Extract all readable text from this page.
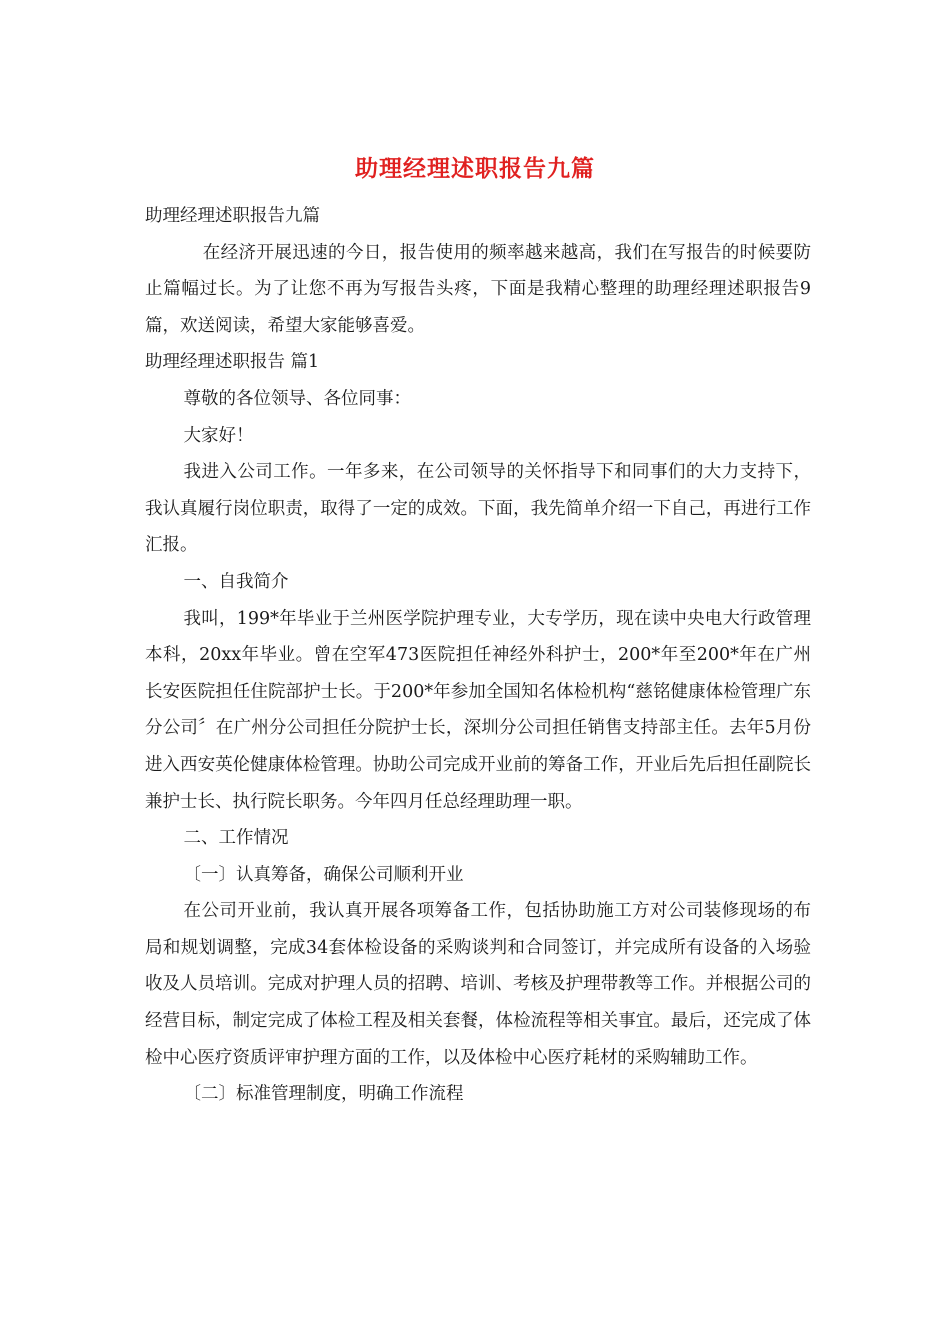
助理经理述职报告九篇

助理经理述职报告九篇

在经济开展迅速的今日，报告使用的频率越来越高，我们在写报告的时候要防止篇幅过长。为了让您不再为写报告头疼，下面是我精心整理的助理经理述职报告9篇，欢送阅读，希望大家能够喜爱。

助理经理述职报告 篇1

尊敬的各位领导、各位同事：

大家好！

我进入公司工作。一年多来，在公司领导的关怀指导下和同事们的大力支持下，我认真履行岗位职责，取得了一定的成效。下面，我先简单介绍一下自己，再进行工作汇报。

一、自我简介

我叫，199*年毕业于兰州医学院护理专业，大专学历，现在读中央电大行政管理本科，20xx年毕业。曾在空军473医院担任神经外科护士，200*年至200*年在广州长安医院担任住院部护士长。于200*年参加全国知名体检机构“慈铭健康体检管理广东分公司〞在广州分公司担任分院护士长，深圳分公司担任销售支持部主任。去年5月份进入西安英伦健康体检管理。协助公司完成开业前的筹备工作，开业后先后担任副院长兼护士长、执行院长职务。今年四月任总经理助理一职。

二、工作情况

〔一〕认真筹备，确保公司顺利开业

在公司开业前，我认真开展各项筹备工作，包括协助施工方对公司装修现场的布局和规划调整，完成34套体检设备的采购谈判和合同签订，并完成所有设备的入场验收及人员培训。完成对护理人员的招聘、培训、考核及护理带教等工作。并根据公司的经营目标，制定完成了体检工程及相关套餐，体检流程等相关事宜。最后，还完成了体检中心医疗资质评审护理方面的工作，以及体检中心医疗耗材的采购辅助工作。

〔二〕标准管理制度，明确工作流程
